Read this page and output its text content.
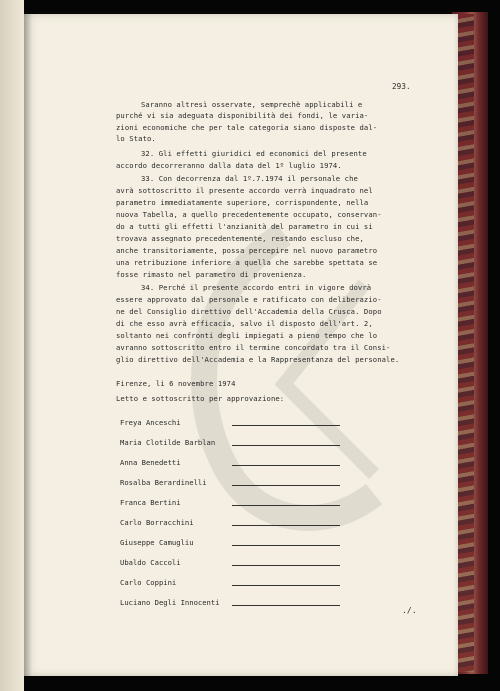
293.
Saranno altresì osservate, semprechè applicabili e
purché vi sia adeguata disponibilità dei fondi, le varia-
zioni economiche che per tale categoria siano disposte dal-
lo Stato.
32. Gli effetti giuridici ed economici del presente
accordo decorreranno dalla data del 1º luglio 1974.
33. Con decorrenza dal 1º.7.1974 il personale che
avrà sottoscritto il presente accordo verrà inquadrato nel
parametro immediatamente superiore, corrispondente, nella
nuova Tabella, a quello precedentemente occupato, conservan-
do a tutti gli effetti l'anzianità del parametro in cui si
trovava assegnato precedentemente, restando escluso che,
anche transitoriamente, possa percepire nel nuovo parametro
una retribuzione inferiore a quella che sarebbe spettata se
fosse rimasto nel parametro di provenienza.
34. Perché il presente accordo entri in vigore dovrà
essere approvato dal personale e ratificato con deliberazio-
ne del Consiglio direttivo dell'Accademia della Crusca. Dopo
di che esso avrà efficacia, salvo il disposto dell'art. 2,
soltanto nei confronti degli impiegati a pieno tempo che lo
avranno sottoscritto entro il termine concordato tra il Consi-
glio direttivo dell'Accademia e la Rappresentanza del personale.
Firenze, li 6 novembre 1974
Letto e sottoscritto per approvazione:
Freya Anceschi
Maria Clotilde Barblan
Anna Benedetti
Rosalba Berardinelli
Franca Bertini
Carlo Borracchini
Giuseppe Camugliu
Ubaldo Caccoli
Carlo Coppini
Luciano Degli Innocenti
./.
